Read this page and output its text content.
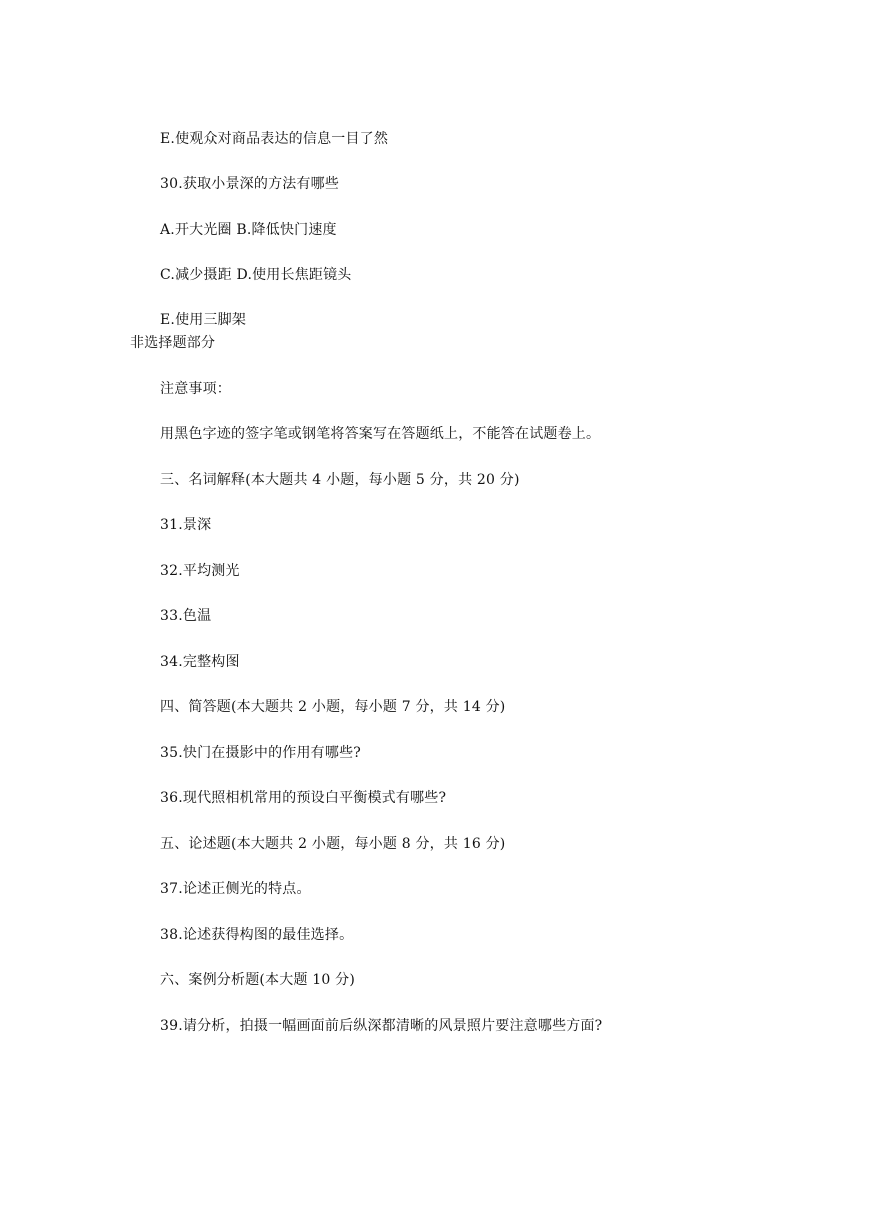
E.使观众对商品表达的信息一目了然
30.获取小景深的方法有哪些
A.开大光圈 B.降低快门速度
C.减少摄距 D.使用长焦距镜头
E.使用三脚架
非选择题部分
注意事项：
用黑色字迹的签字笔或钢笔将答案写在答题纸上，不能答在试题卷上。
三、名词解释(本大题共 4 小题，每小题 5 分，共 20 分)
31.景深
32.平均测光
33.色温
34.完整构图
四、简答题(本大题共 2 小题，每小题 7 分，共 14 分)
35.快门在摄影中的作用有哪些?
36.现代照相机常用的预设白平衡模式有哪些?
五、论述题(本大题共 2 小题，每小题 8 分，共 16 分)
37.论述正侧光的特点。
38.论述获得构图的最佳选择。
六、案例分析题(本大题 10 分)
39.请分析，拍摄一幅画面前后纵深都清晰的风景照片要注意哪些方面?
